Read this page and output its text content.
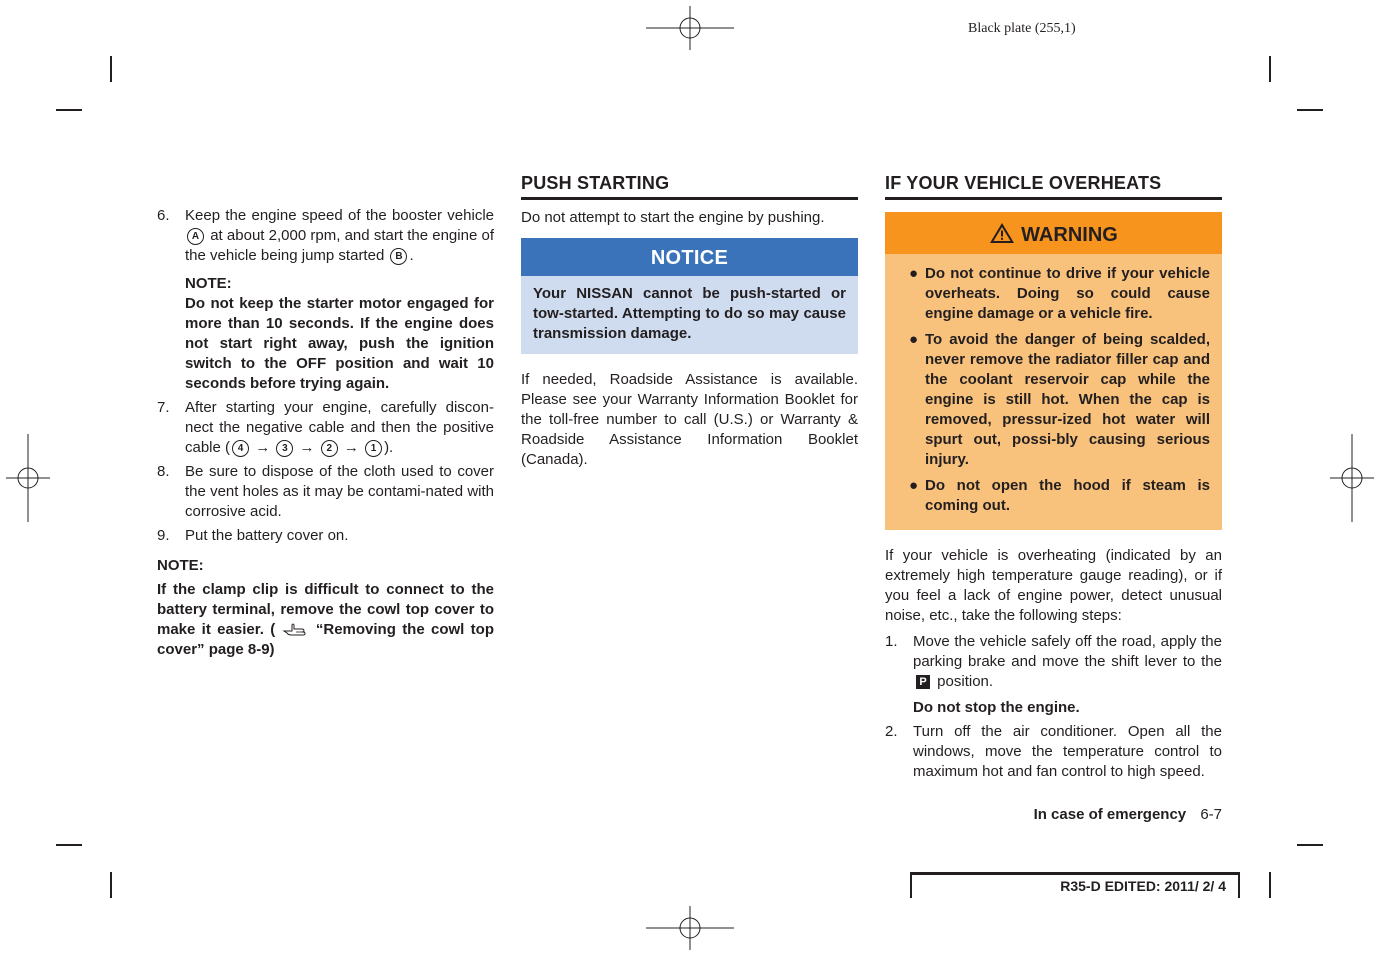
Black plate (255,1)
6. Keep the engine speed of the booster vehicle A at about 2,000 rpm, and start the engine of the vehicle being jump started B .
NOTE:
Do not keep the starter motor engaged for more than 10 seconds. If the engine does not start right away, push the ignition switch to the OFF position and wait 10 seconds before trying again.
7. After starting your engine, carefully discon-nect the negative cable and then the positive cable ( 4 → 3 → 2 → 1 ).
8. Be sure to dispose of the cloth used to cover the vent holes as it may be contami-nated with corrosive acid.
9. Put the battery cover on.
NOTE:
If the clamp clip is difficult to connect to the battery terminal, remove the cowl top cover to make it easier. (	“Removing the cowl top cover” page 8-9)
PUSH STARTING
Do not attempt to start the engine by pushing.
NOTICE
Your NISSAN cannot be push-started or tow-started. Attempting to do so may cause transmission damage.
If needed, Roadside Assistance is available. Please see your Warranty Information Booklet for the toll-free number to call (U.S.) or Warranty & Roadside Assistance Information Booklet (Canada).
IF YOUR VEHICLE OVERHEATS
WARNING
● Do not continue to drive if your vehicle overheats. Doing so could cause engine damage or a vehicle fire.
● To avoid the danger of being scalded, never remove the radiator filler cap and the coolant reservoir cap while the engine is still hot. When the cap is removed, pressur-ized hot water will spurt out, possi-bly causing serious injury.
● Do not open the hood if steam is coming out.
If your vehicle is overheating (indicated by an extremely high temperature gauge reading), or if you feel a lack of engine power, detect unusual noise, etc., take the following steps:
1. Move the vehicle safely off the road, apply the parking brake and move the shift lever to the P position.
Do not stop the engine.
2. Turn off the air conditioner. Open all the windows, move the temperature control to maximum hot and fan control to high speed.
In case of emergency 6-7
R35-D EDITED: 2011/ 2/ 4
